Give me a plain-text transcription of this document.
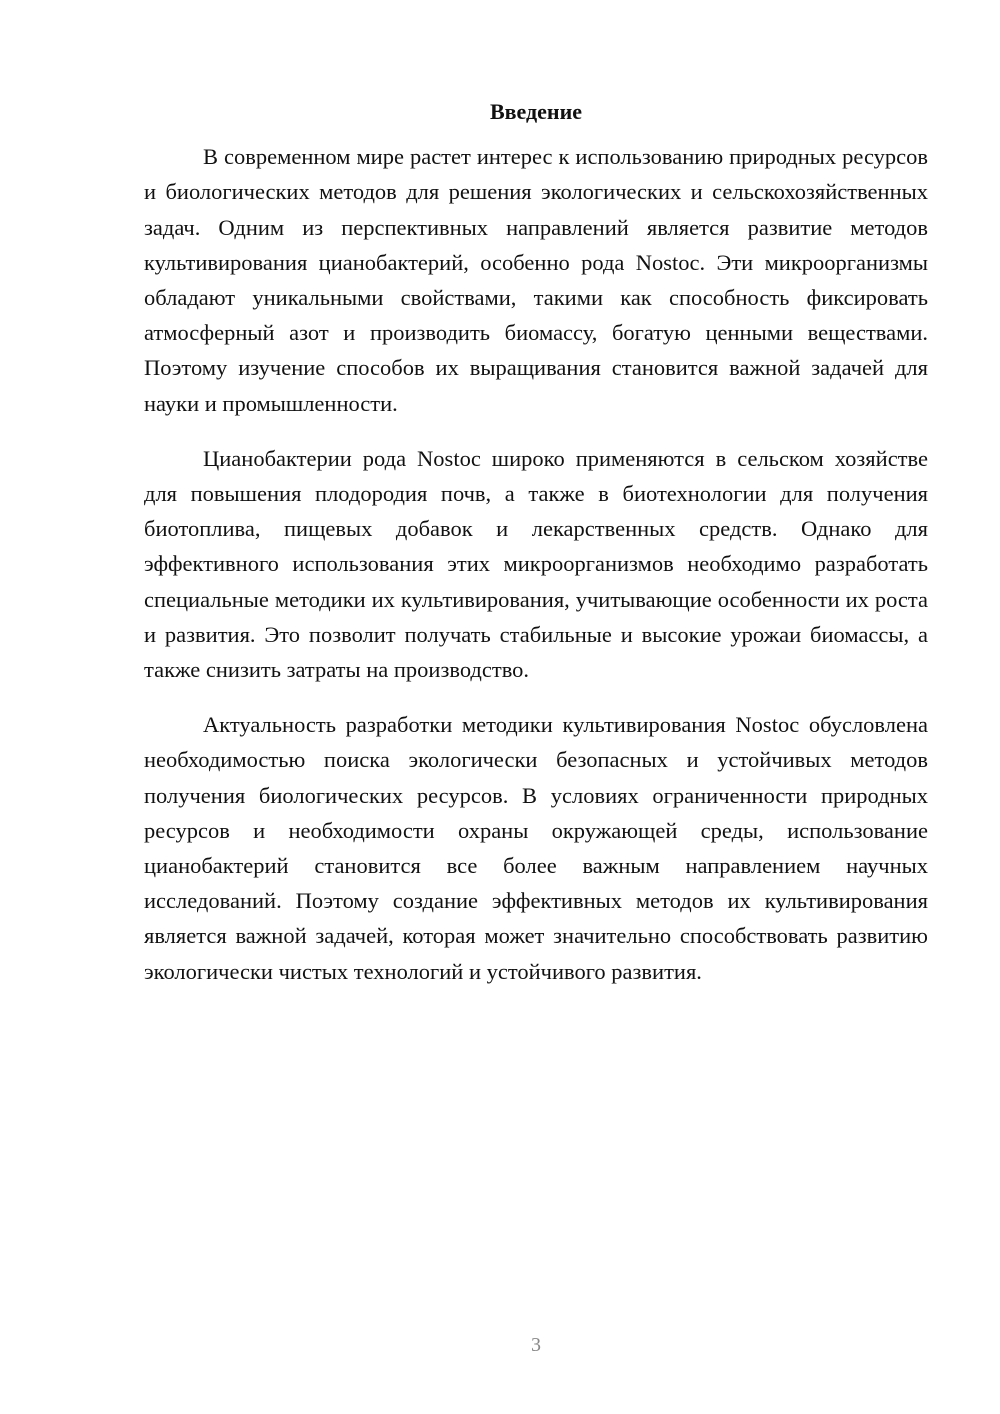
Введение

В современном мире растет интерес к использованию природных ресурсов и биологических методов для решения экологических и сельскохозяйственных задач. Одним из перспективных направлений является развитие методов культивирования цианобактерий, особенно рода Nostoc. Эти микроорганизмы обладают уникальными свойствами, такими как способность фиксировать атмосферный азот и производить биомассу, богатую ценными веществами. Поэтому изучение способов их выращивания становится важной задачей для науки и промышленности.

Цианобактерии рода Nostoc широко применяются в сельском хозяйстве для повышения плодородия почв, а также в биотехнологии для получения биотоплива, пищевых добавок и лекарственных средств. Однако для эффективного использования этих микроорганизмов необходимо разработать специальные методики их культивирования, учитывающие особенности их роста и развития. Это позволит получать стабильные и высокие урожаи биомассы, а также снизить затраты на производство.

Актуальность разработки методики культивирования Nostoc обусловлена необходимостью поиска экологически безопасных и устойчивых методов получения биологических ресурсов. В условиях ограниченности природных ресурсов и необходимости охраны окружающей среды, использование цианобактерий становится все более важным направлением научных исследований. Поэтому создание эффективных методов их культивирования является важной задачей, которая может значительно способствовать развитию экологически чистых технологий и устойчивого развития.

3
